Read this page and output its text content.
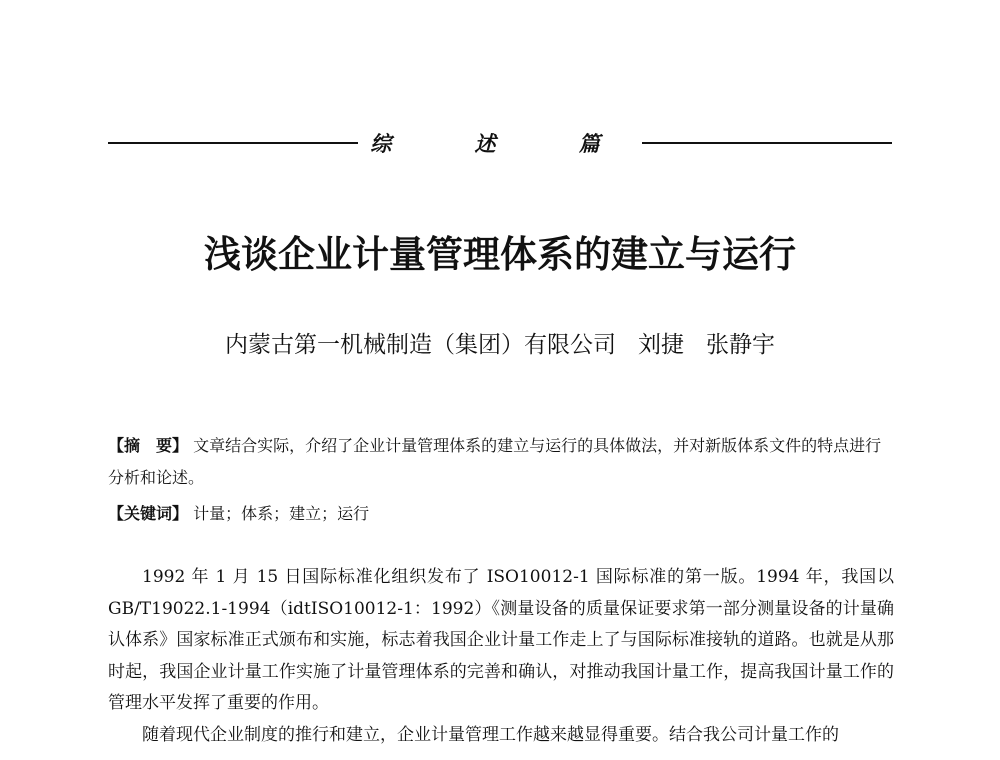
综 述 篇
浅谈企业计量管理体系的建立与运行
内蒙古第一机械制造（集团）有限公司 刘捷 张静宇
【摘　要】 文章结合实际，介绍了企业计量管理体系的建立与运行的具体做法，并对新版体系文件的特点进行分析和论述。
【关键词】 计量；体系；建立；运行

1992 年 1 月 15 日国际标准化组织发布了 ISO10012-1 国际标准的第一版。1994 年，我国以 GB/T19022.1-1994（idtISO10012-1：1992）《测量设备的质量保证要求第一部分测量设备的计量确认体系》国家标准正式颁布和实施，标志着我国企业计量工作走上了与国际标准接轨的道路。也就是从那时起，我国企业计量工作实施了计量管理体系的完善和确认，对推动我国计量工作，提高我国计量工作的管理水平发挥了重要的作用。

随着现代企业制度的推行和建立，企业计量管理工作越来越显得重要。结合我公司计量工作的
